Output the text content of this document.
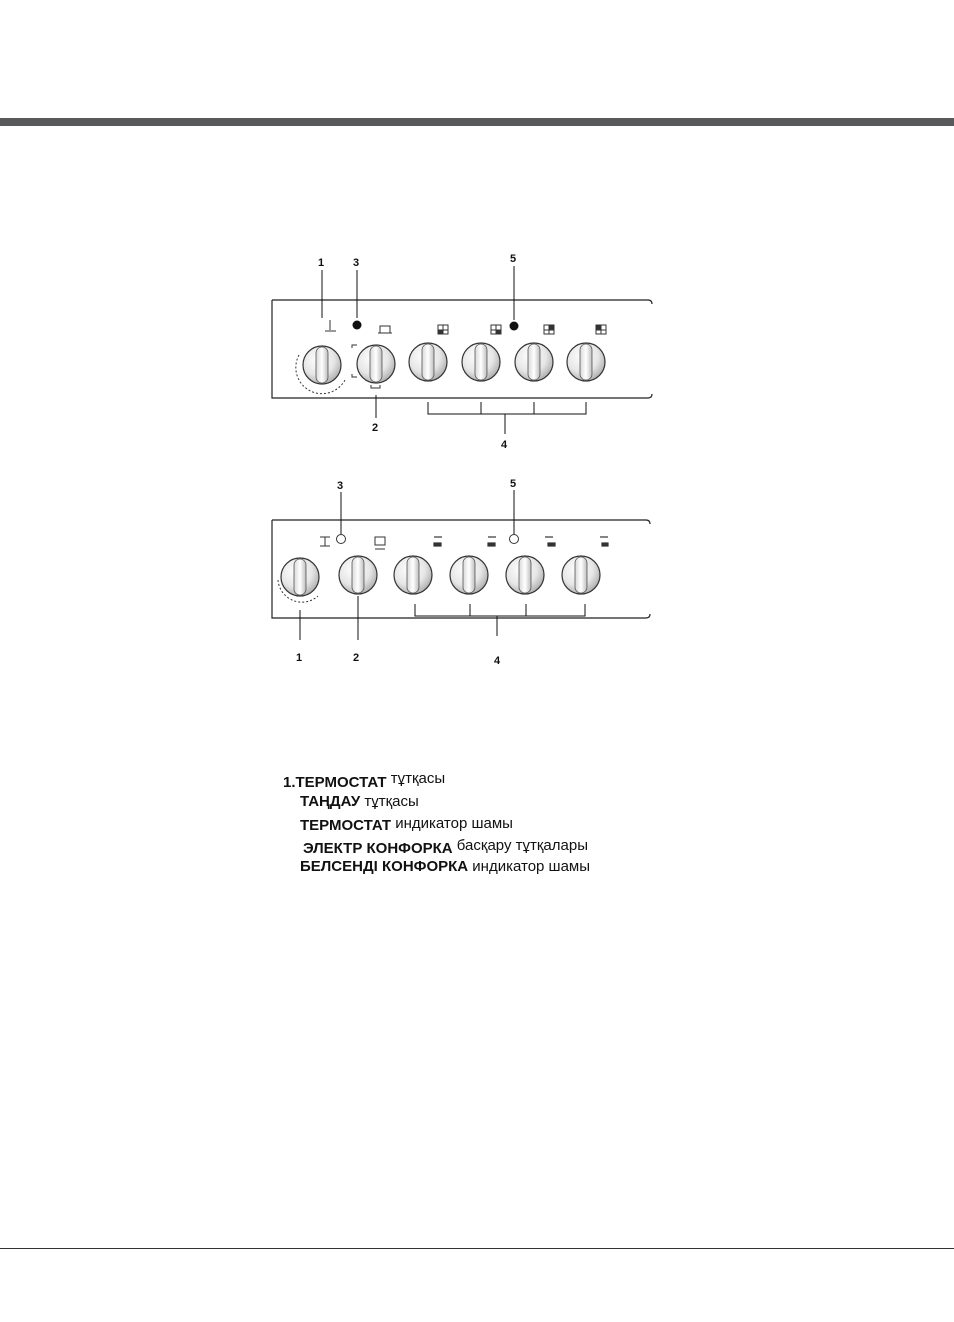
1	3	5
2
4
3	5
1	2	4
1.ТЕРМОСТАТ тұтқасы
ТАҢДАУ тұтқасы
ТЕРМОСТАТ индикатор шамы
ЭЛЕКТР КОНФОРКА басқару тұтқалары
БЕЛСЕНДІ КОНФОРКА индикатор шамы
